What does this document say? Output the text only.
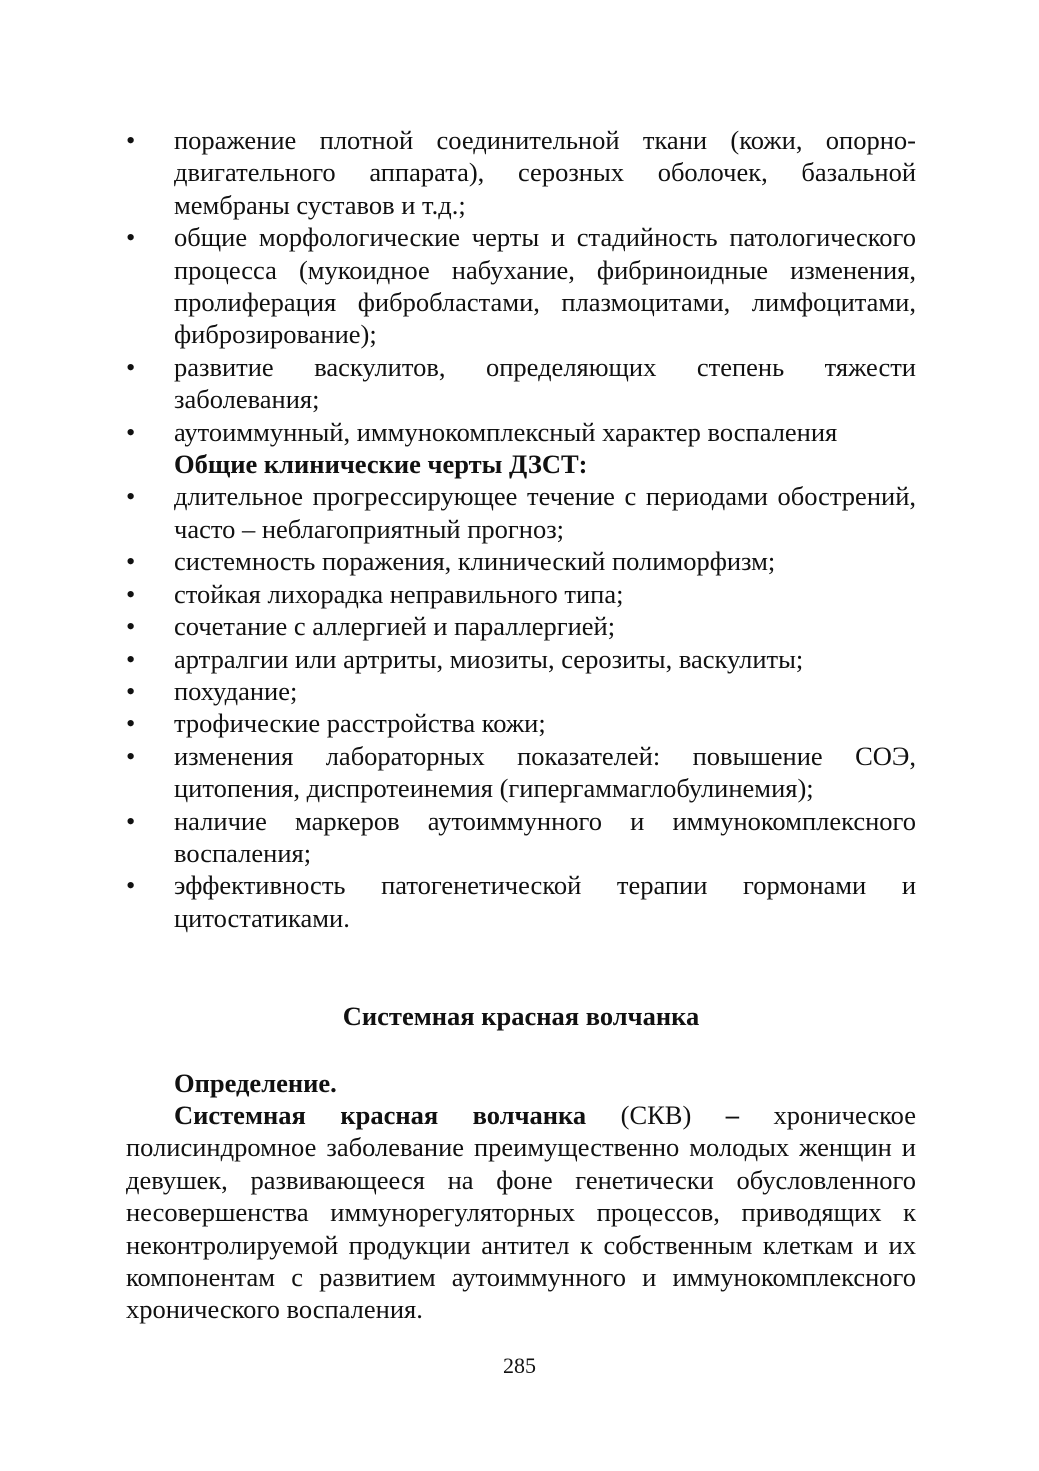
• поражение плотной соединительной ткани (кожи, опорно-двигательного аппарата), серозных оболочек, базальной мембраны суставов и т.д.;
• общие морфологические черты и стадийность патологического процесса (мукоидное набухание, фибриноидные изменения, пролиферация фибробластами, плазмоцитами, лимфоцитами, фиброзирование);
• развитие васкулитов, определяющих степень тяжести заболевания;
• аутоиммунный, иммунокомплексный характер воспаления
Общие клинические черты ДЗСТ:
• длительное прогрессирующее течение с периодами обострений, часто – неблагоприятный прогноз;
• системность поражения, клинический полиморфизм;
• стойкая лихорадка неправильного типа;
• сочетание с аллергией и параллергией;
• артралгии или артриты, миозиты, серозиты, васкулиты;
• похудание;
• трофические расстройства кожи;
• изменения лабораторных показателей: повышение СОЭ, цитопения, диспротеинемия (гипергаммаглобулинемия);
• наличие маркеров аутоиммунного и иммунокомплексного воспаления;
• эффективность патогенетической терапии гормонами и цитостатиками.
Системная красная волчанка
Определение.

Системная красная волчанка (СКВ) – хроническое полисиндромное заболевание преимущественно молодых женщин и девушек, развивающееся на фоне генетически обусловленного несовершенства иммунорегуляторных процессов, приводящих к неконтролируемой продукции антител к собственным клеткам и их компонентам с развитием аутоиммунного и иммунокомплексного хронического воспаления.

285
